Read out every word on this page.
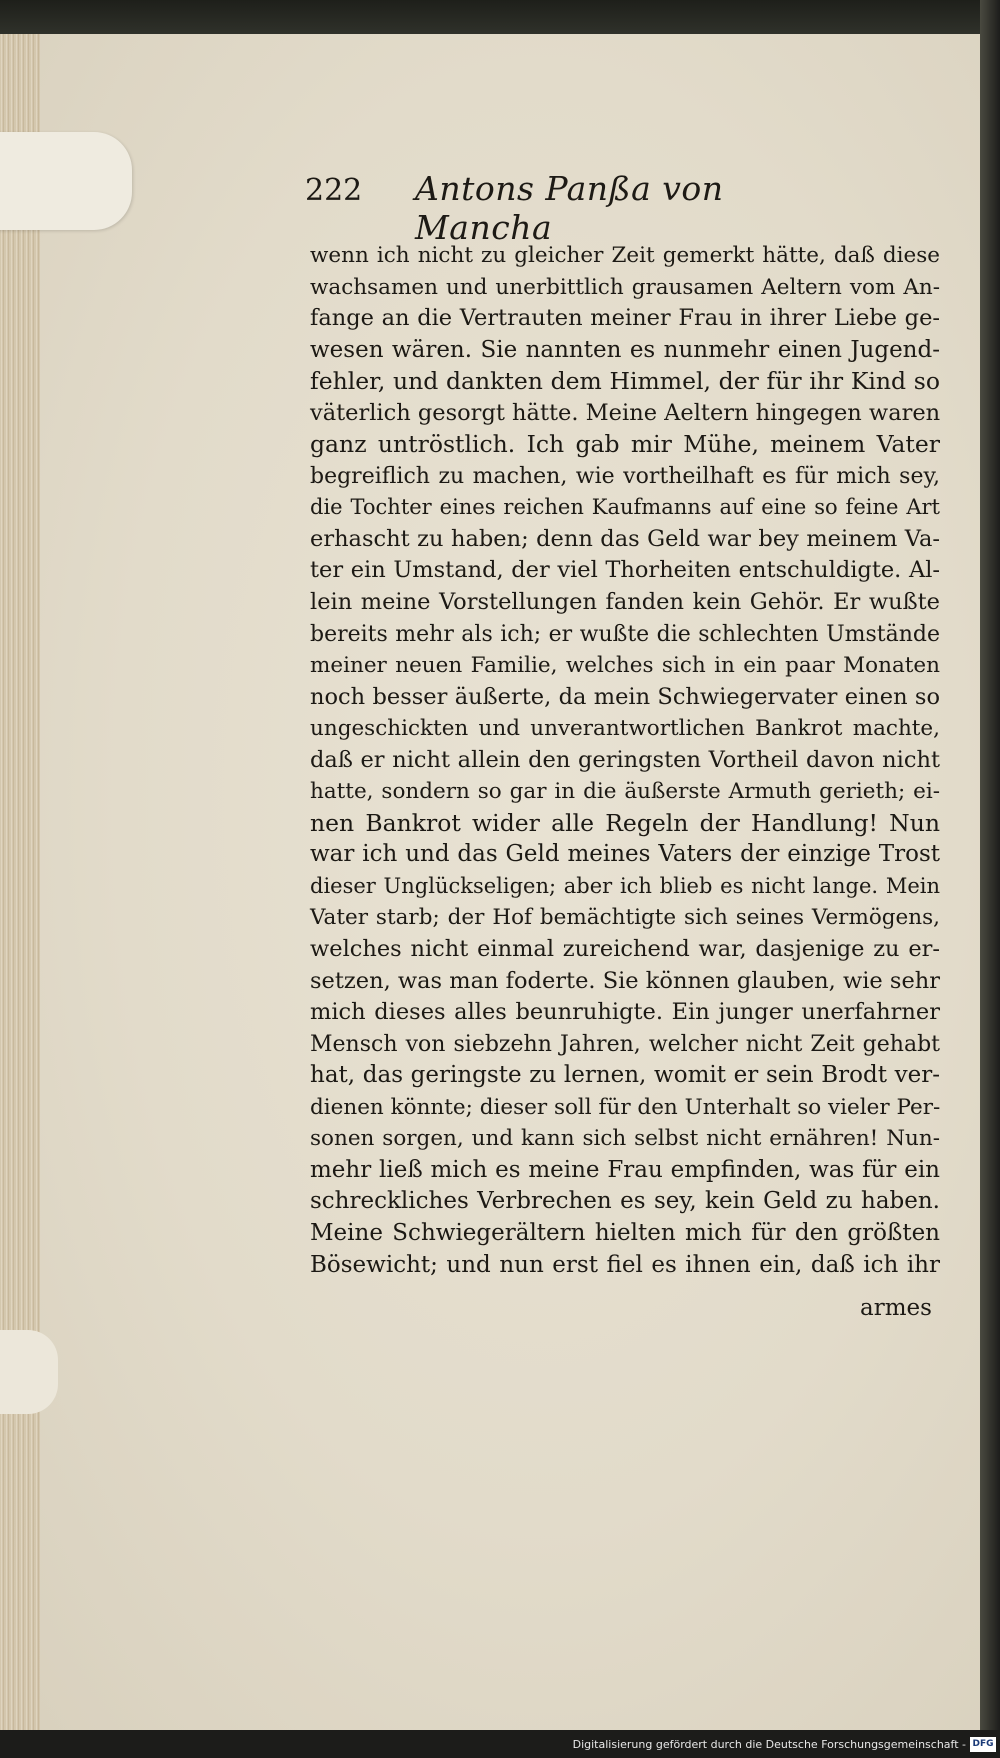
222 Antons Panßa von Mancha
wenn ich nicht zu gleicher Zeit gemerkt hätte, daß diese
wachsamen und unerbittlich grausamen Aeltern vom An-
fange an die Vertrauten meiner Frau in ihrer Liebe ge-
wesen wären. Sie nannten es nunmehr einen Jugend-
fehler, und dankten dem Himmel, der für ihr Kind so
väterlich gesorgt hätte. Meine Aeltern hingegen waren
ganz untröstlich. Ich gab mir Mühe, meinem Vater
begreiflich zu machen, wie vortheilhaft es für mich sey,
die Tochter eines reichen Kaufmanns auf eine so feine Art
erhascht zu haben; denn das Geld war bey meinem Va-
ter ein Umstand, der viel Thorheiten entschuldigte. Al-
lein meine Vorstellungen fanden kein Gehör. Er wußte
bereits mehr als ich; er wußte die schlechten Umstände
meiner neuen Familie, welches sich in ein paar Monaten
noch besser äußerte, da mein Schwiegervater einen so
ungeschickten und unverantwortlichen Bankrot machte,
daß er nicht allein den geringsten Vortheil davon nicht
hatte, sondern so gar in die äußerste Armuth gerieth; ei-
nen Bankrot wider alle Regeln der Handlung! Nun
war ich und das Geld meines Vaters der einzige Trost
dieser Unglückseligen; aber ich blieb es nicht lange. Mein
Vater starb; der Hof bemächtigte sich seines Vermögens,
welches nicht einmal zureichend war, dasjenige zu er-
setzen, was man foderte. Sie können glauben, wie sehr
mich dieses alles beunruhigte. Ein junger unerfahrner
Mensch von siebzehn Jahren, welcher nicht Zeit gehabt
hat, das geringste zu lernen, womit er sein Brodt ver-
dienen könnte; dieser soll für den Unterhalt so vieler Per-
sonen sorgen, und kann sich selbst nicht ernähren! Nun-
mehr ließ mich es meine Frau empfinden, was für ein
schreckliches Verbrechen es sey, kein Geld zu haben.
Meine Schwiegerältern hielten mich für den größten
Bösewicht; und nun erst fiel es ihnen ein, daß ich ihr
armes
Digitalisierung gefördert durch die Deutsche Forschungsgemeinschaft - DFG
